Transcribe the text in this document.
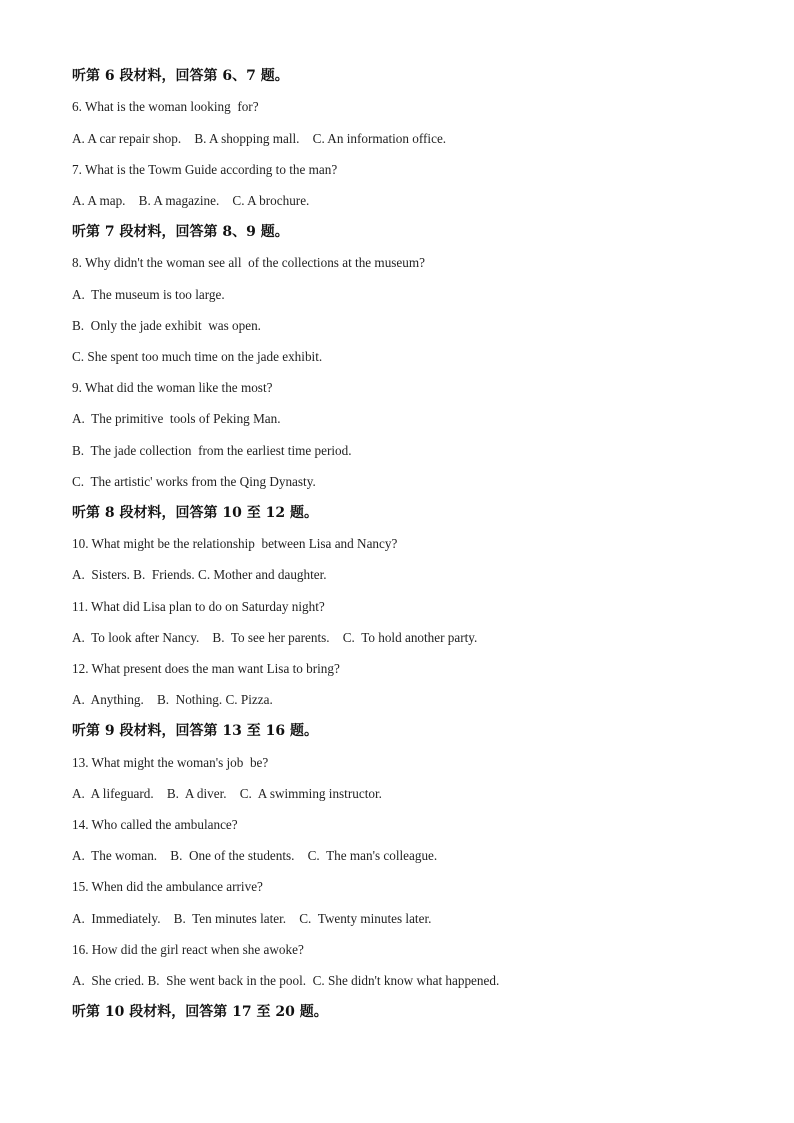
听第 6 段材料，回答第 6、7 题。
6. What is the woman looking  for?
A. A car repair shop.    B. A shopping mall.    C. An information office.
7. What is the Towm Guide according to the man?
A. A map.    B. A magazine.    C. A brochure.
听第 7 段材料，回答第 8、9 题。
8. Why didn't the woman see all  of the collections at the museum?
A.  The museum is too large.
B.  Only the jade exhibit  was open.
C. She spent too much time on the jade exhibit.
9. What did the woman like the most?
A.  The primitive  tools of Peking Man.
B.  The jade collection  from the earliest time period.
C.  The artistic' works from the Qing Dynasty.
听第 8 段材料，回答第 10 至 12 题。
10. What might be the relationship  between Lisa and Nancy?
A.  Sisters. B.  Friends. C. Mother and daughter.
11. What did Lisa plan to do on Saturday night?
A.  To look after Nancy.    B.  To see her parents.    C.  To hold another party.
12. What present does the man want Lisa to bring?
A.  Anything.    B.  Nothing. C. Pizza.
听第 9 段材料，回答第 13 至 16 题。
13. What might the woman's job  be?
A.  A lifeguard.    B.  A diver.    C.  A swimming instructor.
14. Who called the ambulance?
A.  The woman.    B.  One of the students.    C.  The man's colleague.
15. When did the ambulance arrive?
A.  Immediately.    B.  Ten minutes later.    C.  Twenty minutes later.
16. How did the girl react when she awoke?
A.  She cried. B.  She went back in the pool.  C. She didn't know what happened.
听第 10 段材料，回答第 17 至 20 题。
